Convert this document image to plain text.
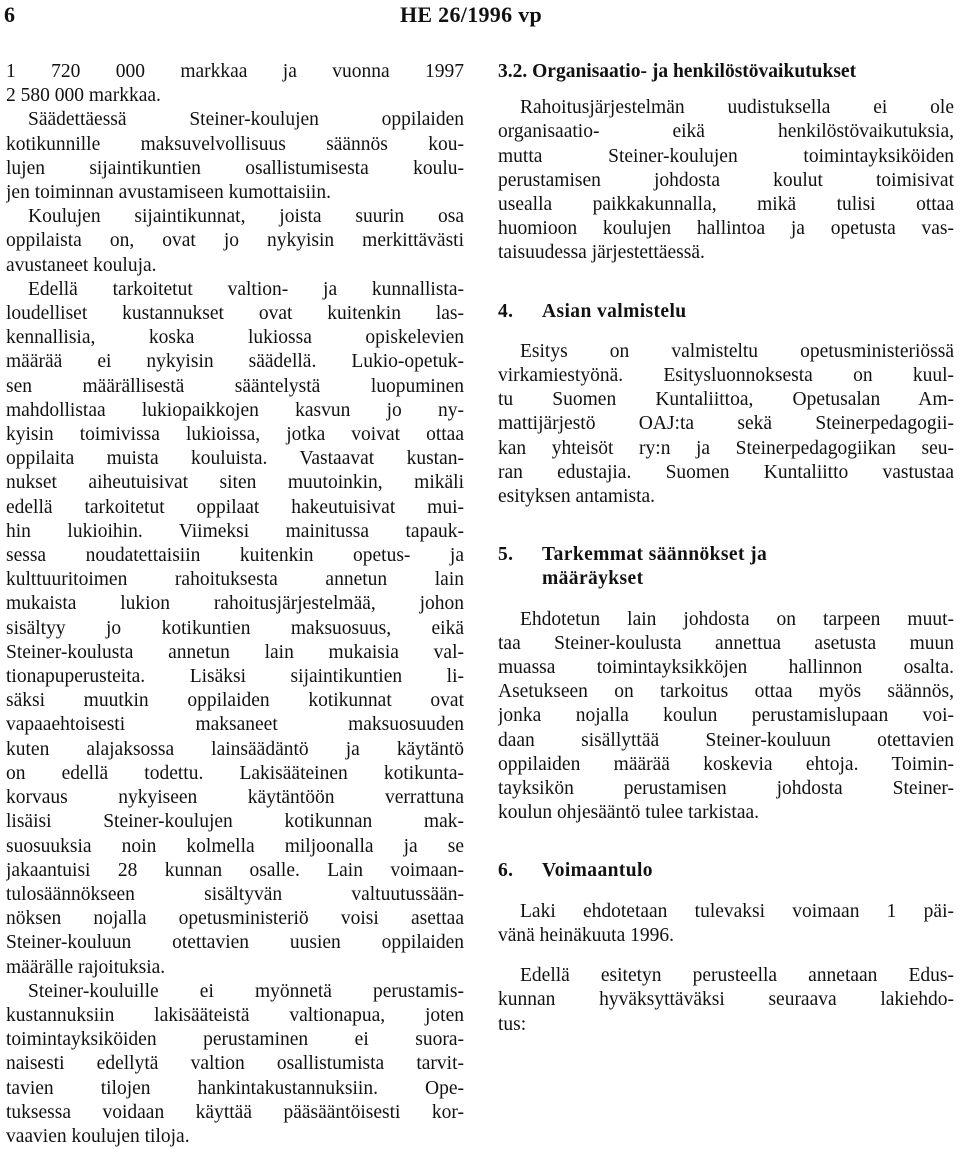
6	HE 26/1996 vp
1 720 000 markkaa ja vuonna 1997
2 580 000 markkaa.
Säädettäessä Steiner-koulujen oppilaiden
kotikunnille maksuvelvollisuus säännös kou-
lujen sijaintikuntien osallistumisesta koulu-
jen toiminnan avustamiseen kumottaisiin.
Koulujen sijaintikunnat, joista suurin osa
oppilaista on, ovat jo nykyisin merkittävästi
avustaneet kouluja.
Edellä tarkoitetut valtion- ja kunnallista-
loudelliset kustannukset ovat kuitenkin las-
kennallisia, koska lukiossa opiskelevien
määrää ei nykyisin säädellä. Lukio-opetuk-
sen määrällisestä sääntelystä luopuminen
mahdollistaa lukiopaikkojen kasvun jo ny-
kyisin toimivissa lukioissa, jotka voivat ottaa
oppilaita muista kouluista. Vastaavat kustan-
nukset aiheutuisivat siten muutoinkin, mikäli
edellä tarkoitetut oppilaat hakeutuisivat mui-
hin lukioihin. Viimeksi mainitussa tapauk-
sessa noudatettaisiin kuitenkin opetus- ja
kulttuuritoimen rahoituksesta annetun lain
mukaista lukion rahoitusjärjestelmää, johon
sisältyy jo kotikuntien maksuosuus, eikä
Steiner-koulusta annetun lain mukaisia val-
tionapuperusteita. Lisäksi sijaintikuntien li-
säksi muutkin oppilaiden kotikunnat ovat
vapaaehtoisesti maksaneet maksuosuuden
kuten alajaksossa lainsäädäntö ja käytäntö
on edellä todettu. Lakisääteinen kotikunta-
korvaus nykyiseen käytäntöön verrattuna
lisäisi Steiner-koulujen kotikunnan mak-
suosuuksia noin kolmella miljoonalla ja se
jakaantuisi 28 kunnan osalle. Lain voimaan-
tulosäännökseen sisältyvän valtuutussään-
nöksen nojalla opetusministeriö voisi asettaa
Steiner-kouluun otettavien uusien oppilaiden
määrälle rajoituksia.
Steiner-kouluille ei myönnetä perustamis-
kustannuksiin lakisääteistä valtionapua, joten
toimintayksiköiden perustaminen ei suora-
naisesti edellytä valtion osallistumista tarvit-
tavien tilojen hankintakustannuksiin. Ope-
tuksessa voidaan käyttää pääsääntöisesti kor-
vaavien koulujen tiloja.
3.2. Organisaatio- ja henkilöstövaikutukset
Rahoitusjärjestelmän uudistuksella ei ole
organisaatio- eikä henkilöstövaikutuksia,
mutta Steiner-koulujen toimintayksiköiden
perustamisen johdosta koulut toimisivat
usealla paikkakunnalla, mikä tulisi ottaa
huomioon koulujen hallintoa ja opetusta vas-
taisuudessa järjestettäessä.
4. Asian valmistelu
Esitys on valmisteltu opetusministeriössä
virkamiestyönä. Esitysluonnoksesta on kuul-
tu Suomen Kuntaliittoa, Opetusalan Am-
mattijärjestö OAJ:ta sekä Steinerpedagogii-
kan yhteisöt ry:n ja Steinerpedagogiikan seu-
ran edustajia. Suomen Kuntaliitto vastustaa
esityksen antamista.
5. Tarkemmat säännökset ja
määräykset
Ehdotetun lain johdosta on tarpeen muut-
taa Steiner-koulusta annettua asetusta muun
muassa toimintayksikköjen hallinnon osalta.
Asetukseen on tarkoitus ottaa myös säännös,
jonka nojalla koulun perustamislupaan voi-
daan sisällyttää Steiner-kouluun otettavien
oppilaiden määrää koskevia ehtoja. Toimin-
tayksikön perustamisen johdosta Steiner-
koulun ohjesääntö tulee tarkistaa.
6. Voimaantulo
Laki ehdotetaan tulevaksi voimaan 1 päi-
vänä heinäkuuta 1996.
Edellä esitetyn perusteella annetaan Edus-
kunnan hyväksyttäväksi seuraava lakiehdo-
tus:
